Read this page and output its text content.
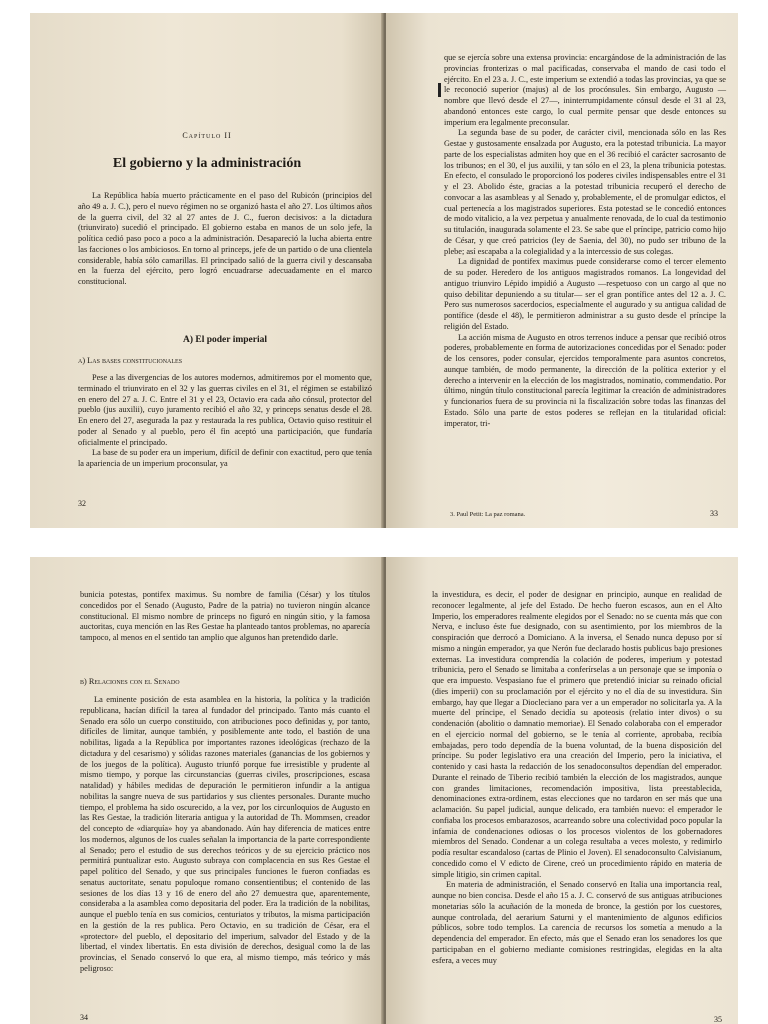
Capítulo II

El gobierno y la administración

La República había muerto prácticamente en el paso del Rubicón (principios del año 49 a. J. C.), pero el nuevo régimen no se organizó hasta el año 27. Los últimos años de la guerra civil, del 32 al 27 antes de J. C., fueron decisivos: a la dictadura (triunvirato) sucedió el principado. El gobierno estaba en manos de un solo jefe, la política cedió paso poco a poco a la administración. Desapareció la lucha abierta entre las facciones o los ambiciosos. En torno al princeps, jefe de un partido o de una clientela considerable, había sólo camarillas. El principado salió de la guerra civil y descansaba en la fuerza del ejército, pero logró encuadrarse adecuadamente en el marco constitucional.

A) El poder imperial

a) Las bases constitucionales

Pese a las divergencias de los autores modernos, admitiremos por el momento que, terminado el triunvirato en el 32 y las guerras civiles en el 31, el régimen se estabilizó en enero del 27 a. J. C. Entre el 31 y el 23, Octavio era cada año cónsul, protector del pueblo (jus auxilii), cuyo juramento recibió el año 32, y princeps senatus desde el 28. En enero del 27, asegurada la paz y restaurada la res publica, Octavio quiso restituir el poder al Senado y al pueblo, pero él fin aceptó una participación, que fundaría oficialmente el principado.

La base de su poder era un imperium, difícil de definir con exactitud, pero que tenía la apariencia de un imperium proconsular, ya

32

que se ejercía sobre una extensa provincia: encargándose de la administración de las provincias fronterizas o mal pacificadas, conservaba el mando de casi todo el ejército. En el 23 a. J. C., este imperium se extendió a todas las provincias, ya que se le reconoció superior (majus) al de los procónsules. Sin embargo, Augusto —nombre que llevó desde el 27—, ininterrumpidamente cónsul desde el 31 al 23, abandonó entonces este cargo, lo cual permite pensar que desde entonces su imperium era legalmente preconsular.

La segunda base de su poder, de carácter civil, mencionada sólo en las Res Gestae y gustosamente ensalzada por Augusto, era la potestad tribunicia. La mayor parte de los especialistas admiten hoy que en el 36 recibió el carácter sacrosanto de los tribunos; en el 30, el jus auxilii, y tan sólo en el 23, la plena tribunicia potestas. En efecto, el consulado le proporcionó los poderes civiles indispensables entre el 31 y el 23. Abolido éste, gracias a la potestad tribunicia recuperó el derecho de convocar a las asambleas y al Senado y, probablemente, el de promulgar edictos, el cual pertenecía a los magistrados superiores. Esta potestad se le concedió entonces de modo vitalicio, a la vez perpetua y anualmente renovada, de lo cual da testimonio su titulación, inaugurada solamente el 23. Se sabe que el príncipe, patricio como hijo de César, y que creó patricios (ley de Saenia, del 30), no pudo ser tribuno de la plebe; así escapaba a la colegialidad y a la intercessio de sus colegas.

La dignidad de pontifex maximus puede considerarse como el tercer elemento de su poder. Heredero de los antiguos magistrados romanos. La longevidad del antiguo triunviro Lépido impidió a Augusto —respetuoso con un cargo al que no quiso debilitar depuniendo a su titular— ser el gran pontífice antes del 12 a. J. C. Pero sus numerosos sacerdocios, especialmente el augurado y su antigua calidad de pontífice (desde el 48), le permitieron administrar a su gusto desde el príncipe la religión del Estado.

La acción misma de Augusto en otros terrenos induce a pensar que recibió otros poderes, probablemente en forma de autorizaciones concedidas por el Senado: poder de los censores, poder consular, ejercidos temporalmente para asuntos concretos, aunque también, de modo permanente, la dirección de la política exterior y el derecho a intervenir en la elección de los magistrados, nominatio, commendatio. Por último, ningún título constitucional parecía legitimar la creación de administradores y funcionarios fuera de su provincia ni la fiscalización sobre todas las finanzas del Estado. Sólo una parte de estos poderes se reflejan en la titularidad oficial: imperator, tri-

3. Paul Petit: La paz romana.	33

bunicia potestas, pontifex maximus. Su nombre de familia (César) y los títulos concedidos por el Senado (Augusto, Padre de la patria) no tuvieron ningún alcance constitucional. El mismo nombre de princeps no figuró en ningún sitio, y la famosa auctoritas, cuya mención en las Res Gestae ha planteado tantos problemas, no aparecía tampoco, al menos en el sentido tan amplio que algunos han pretendido darle.

b) Relaciones con el Senado

La eminente posición de esta asamblea en la historia, la política y la tradición republicana, hacían difícil la tarea al fundador del principado. Tanto más cuanto el Senado era sólo un cuerpo constituido, con atribuciones poco definidas y, por tanto, difíciles de limitar, aunque también, y posiblemente ante todo, el bastión de una nobilitas, ligada a la República por importantes razones ideológicas (rechazo de la dictadura y del cesarismo) y sólidas razones materiales (ganancias de los gobiernos y de los juegos de la política). Augusto triunfó porque fue irresistible y prudente al mismo tiempo, y porque las circunstancias (guerras civiles, proscripciones, escasa natalidad) y hábiles medidas de depuración le permitieron infundir a la antigua nobilitas la sangre nueva de sus partidarios y sus clientes personales. Durante mucho tiempo, el problema ha sido oscurecido, a la vez, por los circunloquios de Augusto en las Res Gestae, la tradición literaria antigua y la autoridad de Th. Mommsen, creador del concepto de «diarquía» hoy ya abandonado. Aún hay diferencia de matices entre los modernos, algunos de los cuales señalan la importancia de la parte correspondiente al Senado; pero el estudio de sus derechos teóricos y de su ejercicio práctico nos permitirá puntualizar esto. Augusto subraya con complacencia en sus Res Gestae el papel político del Senado, y que sus principales funciones le fueron confiadas es senatus auctoritate, senatu populoque romano consentientibus; el contenido de las sesiones de los días 13 y 16 de enero del año 27 demuestra que, aparentemente, consideraba a la asamblea como depositaria del poder. Era la tradición de la nobilitas, aunque el pueblo tenía en sus comicios, centuriatos y tributos, la misma participación en la gestión de la res publica. Pero Octavio, en su tradición de César, era el «protector» del pueblo, el depositario del imperium, salvador del Estado y de la libertad, el vindex libertatis. En esta división de derechos, desigual como la de las provincias, el Senado conservó lo que era, al mismo tiempo, más teórico y más peligroso:

34

la investidura, es decir, el poder de designar en principio, aunque en realidad de reconocer legalmente, al jefe del Estado. De hecho fueron escasos, aun en el Alto Imperio, los emperadores realmente elegidos por el Senado: no se cuenta más que con Nerva, e incluso éste fue designado, con su asentimiento, por los miembros de la conspiración que derrocó a Domiciano. A la inversa, el Senado nunca depuso por sí mismo a ningún emperador, ya que Nerón fue declarado hostis publicus bajo presiones externas. La investidura comprendía la colación de poderes, imperium y potestad tribunicia, pero el Senado se limitaba a conferírselas a un personaje que se imponía o que era impuesto. Vespasiano fue el primero que pretendió iniciar su reinado oficial (dies imperii) con su proclamación por el ejército y no el día de su investidura. Sin embargo, hay que llegar a Diocleciano para ver a un emperador no solicitarla ya. A la muerte del príncipe, el Senado decidía su apoteosis (relatio inter divos) o su condenación (abolitio o damnatio memoriae). El Senado colaboraba con el emperador en el ejercicio normal del gobierno, se le tenía al corriente, aprobaba, recibía embajadas, pero todo dependía de la buena voluntad, de la buena disposición del príncipe. Su poder legislativo era una creación del Imperio, pero la iniciativa, el contenido y casi hasta la redacción de los senadoconsultos dependían del emperador. Durante el reinado de Tiberio recibió también la elección de los magistrados, aunque con grandes limitaciones, recomendación impositiva, lista preestablecida, denominaciones extra-ordinem, estas elecciones que no tardaron en ser más que una aclamación. Su papel judicial, aunque delicado, era también nuevo: el emperador le confiaba los procesos embarazosos, acarreando sobre una colectividad poco popular la infamia de condenaciones odiosas o los procesos violentos de los gobernadores miembros del Senado. Condenar a un colega resultaba a veces molesto, y redimirlo podía resultar escandaloso (cartas de Plinio el Joven). El senadoconsulto Calvisianum, concedido como el V edicto de Cirene, creó un procedimiento rápido en materia de simple litigio, sin crimen capital.

En materia de administración, el Senado conservó en Italia una importancia real, aunque no bien concisa. Desde el año 15 a. J. C. conservó de sus antiguas atribuciones monetarias sólo la acuñación de la moneda de bronce, la gestión por los cuestores, aunque controlada, del aerarium Saturni y el mantenimiento de algunos edificios públicos, sobre todo templos. La carencia de recursos los sometía a menudo a la dependencia del emperador. En efecto, más que el Senado eran los senadores los que participaban en el gobierno mediante comisiones restringidas, elegidas en la alta esfera, a veces muy

35
